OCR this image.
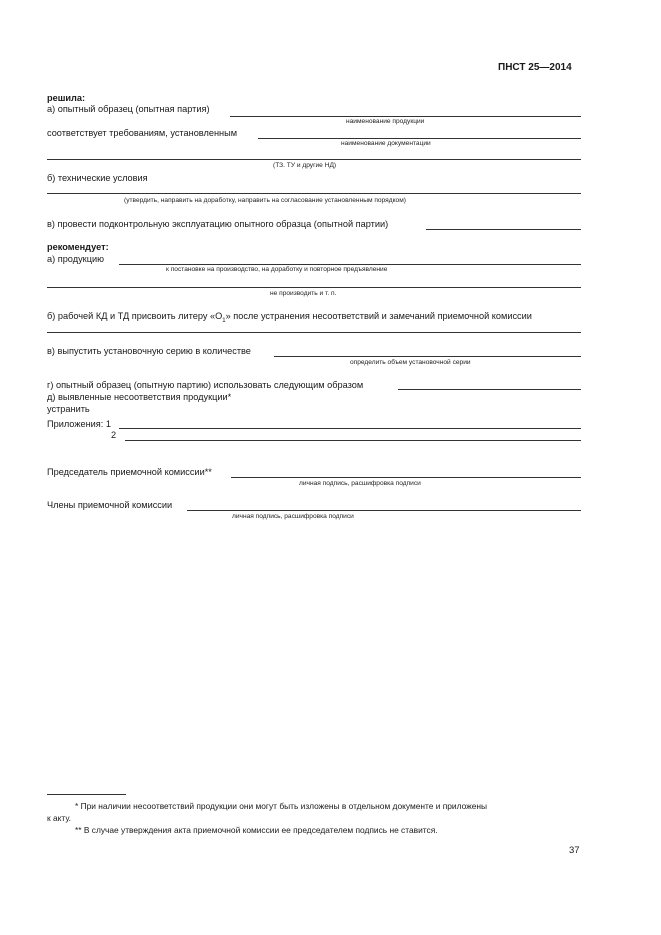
ПНСТ 25—2014
решила:
а) опытный образец (опытная партия)
наименование продукции
соответствует требованиям, установленным
наименование документации
(ТЗ. ТУ и другие НД)
б) технические условия
(утвердить, направить на доработку, направить на согласование установленным порядком)
в) провести подконтрольную эксплуатацию опытного образца (опытной партии)
рекомендует:
а) продукцию
к постановке на производство, на доработку и повторное предъявление
не производить и т. п.
б) рабочей КД и ТД присвоить литеру «$О_1$» после устранения несоответствий и замечаний приемочной комиссии
в) выпустить установочную серию в количестве
определить объем установочной серии
г) опытный образец (опытную партию) использовать следующим образом
д) выявленные несоответствия продукции*
устранить
Приложения: 1
2
Председатель приемочной комиссии**
личная подпись, расшифровка подписи
Члены приемочной комиссии
личная подпись, расшифровка подписи
* При наличии несоответствий продукции они могут быть изложены в отдельном документе и приложены
к акту.
** В случае утверждения акта приемочной комиссии ее председателем подпись не ставится.
37
